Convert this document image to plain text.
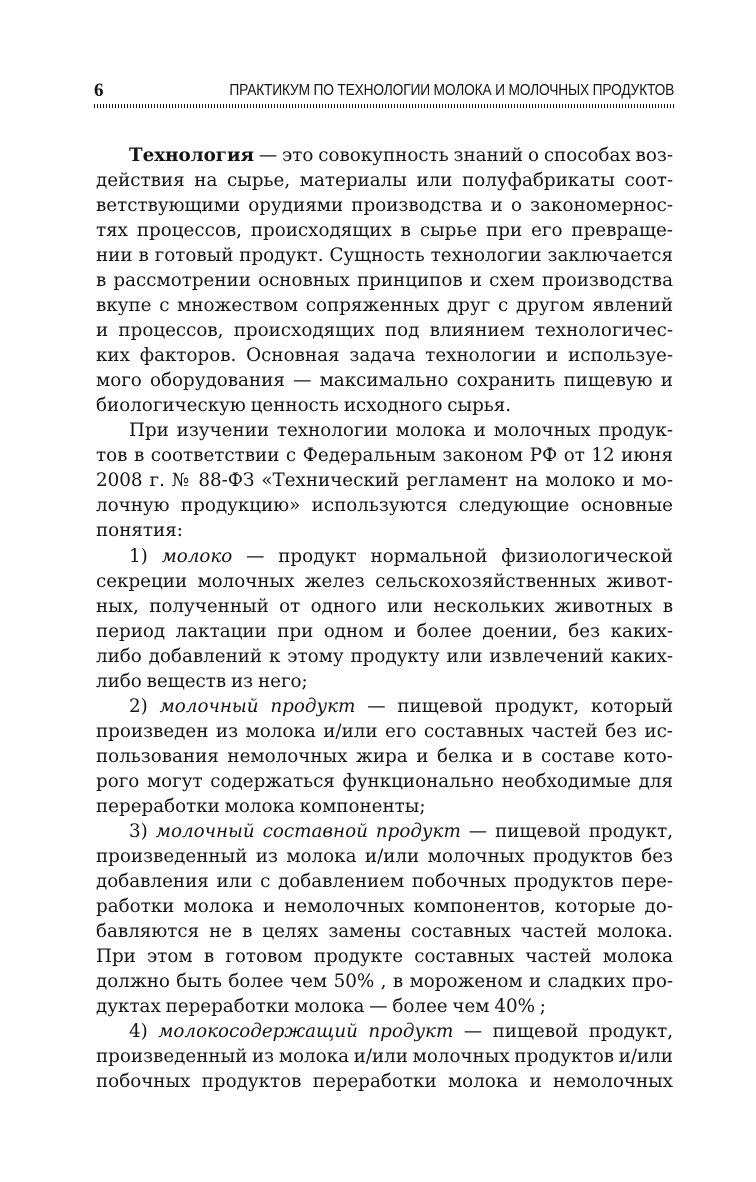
6	ПРАКТИКУМ ПО ТЕХНОЛОГИИ МОЛОКА И МОЛОЧНЫХ ПРОДУКТОВ
Технология — это совокупность знаний о способах воз-
действия на сырье, материалы или полуфабрикаты соот-
ветствующими орудиями производства и о закономернос-
тях процессов, происходящих в сырье при его превраще-
нии в готовый продукт. Сущность технологии заключается
в рассмотрении основных принципов и схем производства
вкупе с множеством сопряженных друг с другом явлений
и процессов, происходящих под влиянием технологичес-
ких факторов. Основная задача технологии и используе-
мого оборудования — максимально сохранить пищевую и
биологическую ценность исходного сырья.
При изучении технологии молока и молочных продук-
тов в соответствии с Федеральным законом РФ от 12 июня
2008 г. № 88-ФЗ «Технический регламент на молоко и мо-
лочную продукцию» используются следующие основные
понятия:
1) молоко — продукт нормальной физиологической
секреции молочных желез сельскохозяйственных живот-
ных, полученный от одного или нескольких животных в
период лактации при одном и более доении, без каких-
либо добавлений к этому продукту или извлечений каких-
либо веществ из него;
2) молочный продукт — пищевой продукт, который
произведен из молока и/или его составных частей без ис-
пользования немолочных жира и белка и в составе кото-
рого могут содержаться функционально необходимые для
переработки молока компоненты;
3) молочный составной продукт — пищевой продукт,
произведенный из молока и/или молочных продуктов без
добавления или с добавлением побочных продуктов пере-
работки молока и немолочных компонентов, которые до-
бавляются не в целях замены составных частей молока.
При этом в готовом продукте составных частей молока
должно быть более чем 50% , в мороженом и сладких про-
дуктах переработки молока — более чем 40% ;
4) молокосодержащий продукт — пищевой продукт,
произведенный из молока и/или молочных продуктов и/или
побочных продуктов переработки молока и немолочных
